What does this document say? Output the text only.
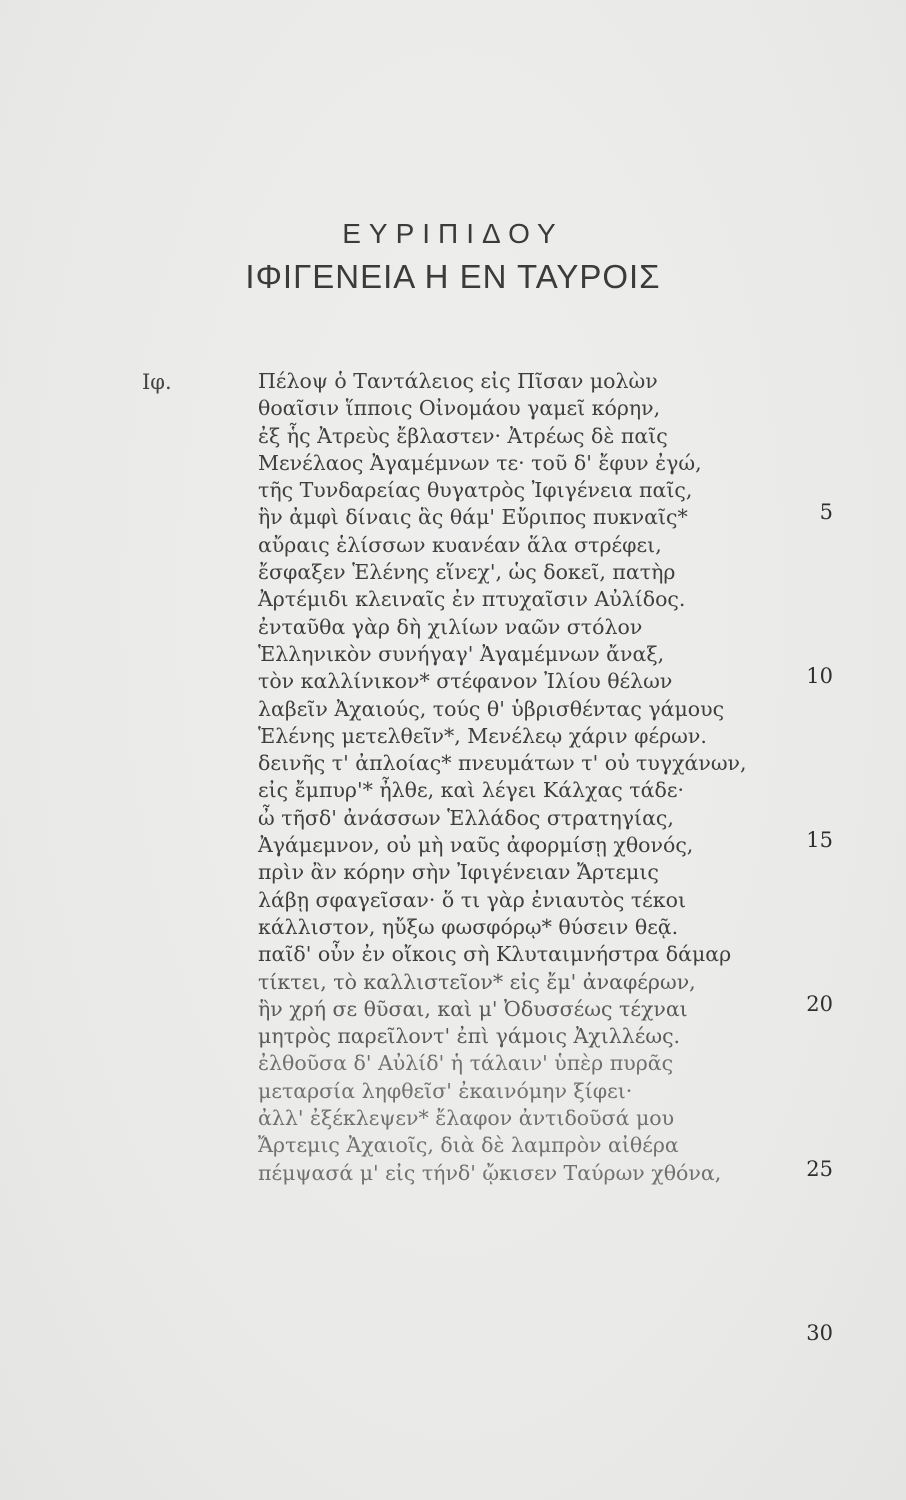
ΕΥΡΙΠΙΔΟΥ
ΙΦΙΓΕΝΕΙΑ Η ΕΝ ΤΑΥΡΟΙΣ
Ιφ.	Πέλοψ ὁ Ταντάλειος εἰς Πῖσαν μολὼν
θοαῖσιν ἵπποις Οἰνομάου γαμεῖ κόρην,
ἐξ ἧς Ἀτρεὺς ἔβλαστεν· Ἀτρέως δὲ παῖς
Μενέλαος Ἀγαμέμνων τε· τοῦ δ' ἔφυν ἐγώ,
τῆς Τυνδαρείας θυγατρὸς Ἰφιγένεια παῖς,
ἣν ἀμφὶ δίναις ἃς θάμ' Εὔριπος πυκναῖς*
αὔραις ἑλίσσων κυανέαν ἅλα στρέφει,
ἔσφαξεν Ἑλένης εἵνεχ', ὡς δοκεῖ, πατὴρ
Ἀρτέμιδι κλειναῖς ἐν πτυχαῖσιν Αὐλίδος.
ἐνταῦθα γὰρ δὴ χιλίων ναῶν στόλον
Ἑλληνικὸν συνήγαγ' Ἀγαμέμνων ἄναξ,
τὸν καλλίνικον* στέφανον Ἰλίου θέλων
λαβεῖν Ἀχαιούς, τούς θ' ὑβρισθέντας γάμους
Ἑλένης μετελθεῖν*, Μενέλεῳ χάριν φέρων.
δεινῆς τ' ἀπλοίας* πνευμάτων τ' οὐ τυγχάνων,
εἰς ἔμπυρ'* ἦλθε, καὶ λέγει Κάλχας τάδε·
ὦ τῆσδ' ἀνάσσων Ἑλλάδος στρατηγίας,
Ἀγάμεμνον, οὐ μὴ ναῦς ἀφορμίσῃ χθονός,
πρὶν ἂν κόρην σὴν Ἰφιγένειαν Ἄρτεμις
λάβῃ σφαγεῖσαν· ὅ τι γὰρ ἐνιαυτὸς τέκοι
κάλλιστον, ηὔξω φωσφόρῳ* θύσειν θεᾷ.
παῖδ' οὖν ἐν οἴκοις σὴ Κλυταιμνήστρα δάμαρ
τίκτει, τὸ καλλιστεῖον* εἰς ἔμ' ἀναφέρων,
ἣν χρή σε θῦσαι, καὶ μ' Ὀδυσσέως τέχναι
μητρὸς παρεῖλοντ' ἐπὶ γάμοις Ἀχιλλέως.
ἐλθοῦσα δ' Αὐλίδ' ἡ τάλαιν' ὑπὲρ πυρᾶς
μεταρσία ληφθεῖσ' ἐκαινόμην ξίφει·
ἀλλ' ἐξέκλεψεν* ἔλαφον ἀντιδοῦσά μου
Ἄρτεμις Ἀχαιοῖς, διὰ δὲ λαμπρὸν αἰθέρα
πέμψασά μ' εἰς τήνδ' ᾤκισεν Ταύρων χθόνα,
5
10
15
20
25
30
